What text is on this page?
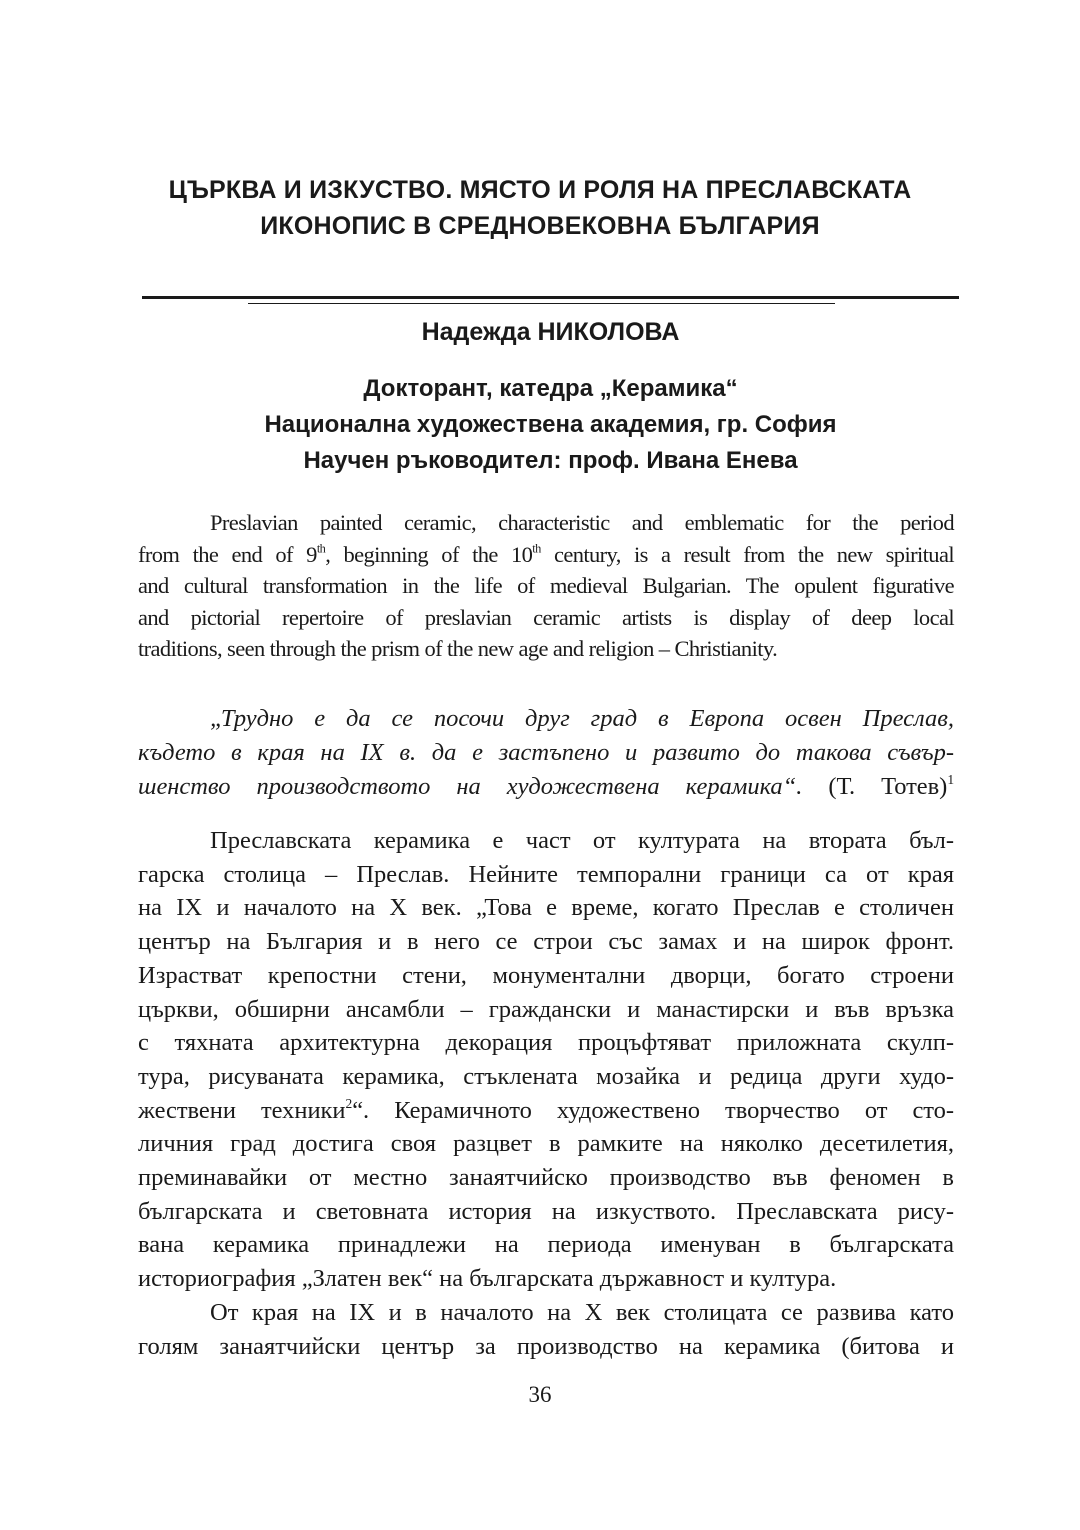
ЦЪРКВА И ИЗКУСТВО. МЯСТО И РОЛЯ НА ПРЕСЛАВСКАТА
ИКОНОПИС В СРЕДНОВЕКОВНА БЪЛГАРИЯ
Надежда НИКОЛОВА
Докторант, катедра „Керамика“
Национална художествена академия, гр. София
Научен ръководител: проф. Ивана Енева
Preslavian painted ceramic, characteristic and emblematic for the period
from the end of 9th, beginning of the 10th century, is a result from the new spiritual
and cultural transformation in the life of medieval Bulgarian. The opulent figurative
and pictorial repertoire of preslavian ceramic artists is display of deep local
traditions, seen through the prism of the new age and religion – Christianity.
„Трудно е да се посочи друг град в Европа освен Преслав,
където в края на IX в. да е застъпено и развито до такова съвър-
шенство производството на художествена керамика“. (Т. Тотев)$^1$
Преславската керамика е част от културата на втората бъл-
гарска столица – Преслав. Нейните темпорални граници са от края
на IX и началото на X век. „Това е време, когато Преслав е столичен
център на България и в него се строи със замах и на широк фронт.
Израстват крепостни стени, монументални дворци, богато строени
църкви, обширни ансамбли – граждански и манастирски и във връзка
с тяхната архитектурна декорация процъфтяват приложната скулп-
тура, рисуваната керамика, стъклената мозайка и редица други худо-
жествени техники$^2$“. Керамичното художествено творчество от сто-
личния град достига своя разцвет в рамките на няколко десетилетия,
преминавайки от местно занаятчийско производство във феномен в
българската и световната история на изкуството. Преславската рису-
вана керамика принадлежи на периода именуван в българската
историография „Златен век“ на българската държавност и култура.
От края на IX и в началото на X век столицата се развива като
голям занаятчийски център за производство на керамика (битова и
36
